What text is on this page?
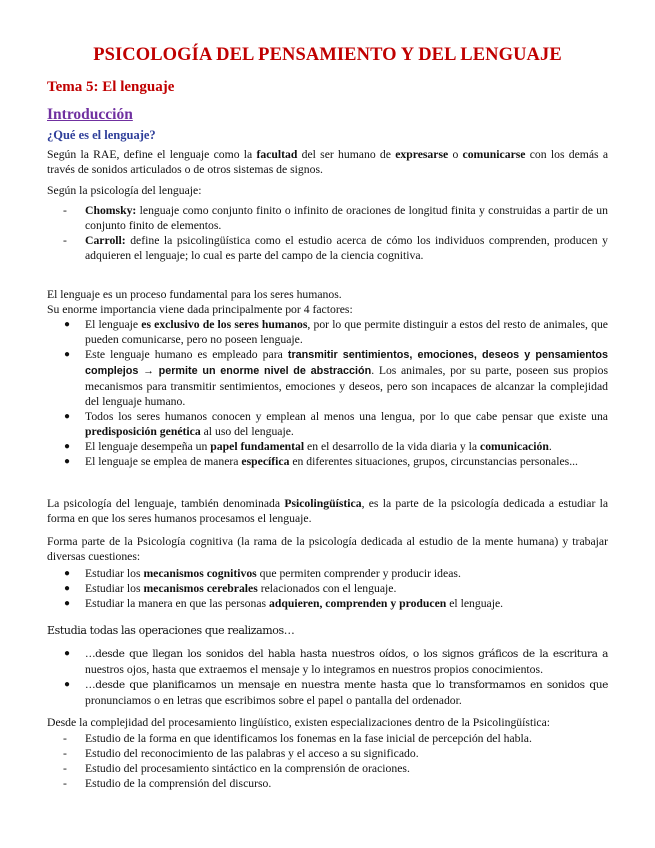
PSICOLOGÍA DEL PENSAMIENTO Y DEL LENGUAJE
Tema 5: El lenguaje
Introducción
¿Qué es el lenguaje?
Según la RAE, define el lenguaje como la facultad del ser humano de expresarse o comunicarse con los demás a través de sonidos articulados o de otros sistemas de signos.
Según la psicología del lenguaje:
- Chomsky: lenguaje como conjunto finito o infinito de oraciones de longitud finita y construidas a partir de un conjunto finito de elementos.
- Carroll: define la psicolingüística como el estudio acerca de cómo los individuos comprenden, producen y adquieren el lenguaje; lo cual es parte del campo de la ciencia cognitiva.
El lenguaje es un proceso fundamental para los seres humanos.
Su enorme importancia viene dada principalmente por 4 factores:
● El lenguaje es exclusivo de los seres humanos, por lo que permite distinguir a estos del resto de animales, que pueden comunicarse, pero no poseen lenguaje.
● Este lenguaje humano es empleado para transmitir sentimientos, emociones, deseos y pensamientos complejos → permite un enorme nivel de abstracción. Los animales, por su parte, poseen sus propios mecanismos para transmitir sentimientos, emociones y deseos, pero son incapaces de alcanzar la complejidad del lenguaje humano.
● Todos los seres humanos conocen y emplean al menos una lengua, por lo que cabe pensar que existe una predisposición genética al uso del lenguaje.
● El lenguaje desempeña un papel fundamental en el desarrollo de la vida diaria y la comunicación.
● El lenguaje se emplea de manera específica en diferentes situaciones, grupos, circunstancias personales...
La psicología del lenguaje, también denominada Psicolingüística, es la parte de la psicología dedicada a estudiar la forma en que los seres humanos procesamos el lenguaje.
Forma parte de la Psicología cognitiva (la rama de la psicología dedicada al estudio de la mente humana) y trabajar diversas cuestiones:
● Estudiar los mecanismos cognitivos que permiten comprender y producir ideas.
● Estudiar los mecanismos cerebrales relacionados con el lenguaje.
● Estudiar la manera en que las personas adquieren, comprenden y producen el lenguaje.
Estudia todas las operaciones que realizamos…
● …desde que llegan los sonidos del habla hasta nuestros oídos, o los signos gráficos de la escritura a nuestros ojos, hasta que extraemos el mensaje y lo integramos en nuestros propios conocimientos.
● …desde que planificamos un mensaje en nuestra mente hasta que lo transformamos en sonidos que pronunciamos o en letras que escribimos sobre el papel o pantalla del ordenador.
Desde la complejidad del procesamiento lingüístico, existen especializaciones dentro de la Psicolingüística:
- Estudio de la forma en que identificamos los fonemas en la fase inicial de percepción del habla.
- Estudio del reconocimiento de las palabras y el acceso a su significado.
- Estudio del procesamiento sintáctico en la comprensión de oraciones.
- Estudio de la comprensión del discurso.
